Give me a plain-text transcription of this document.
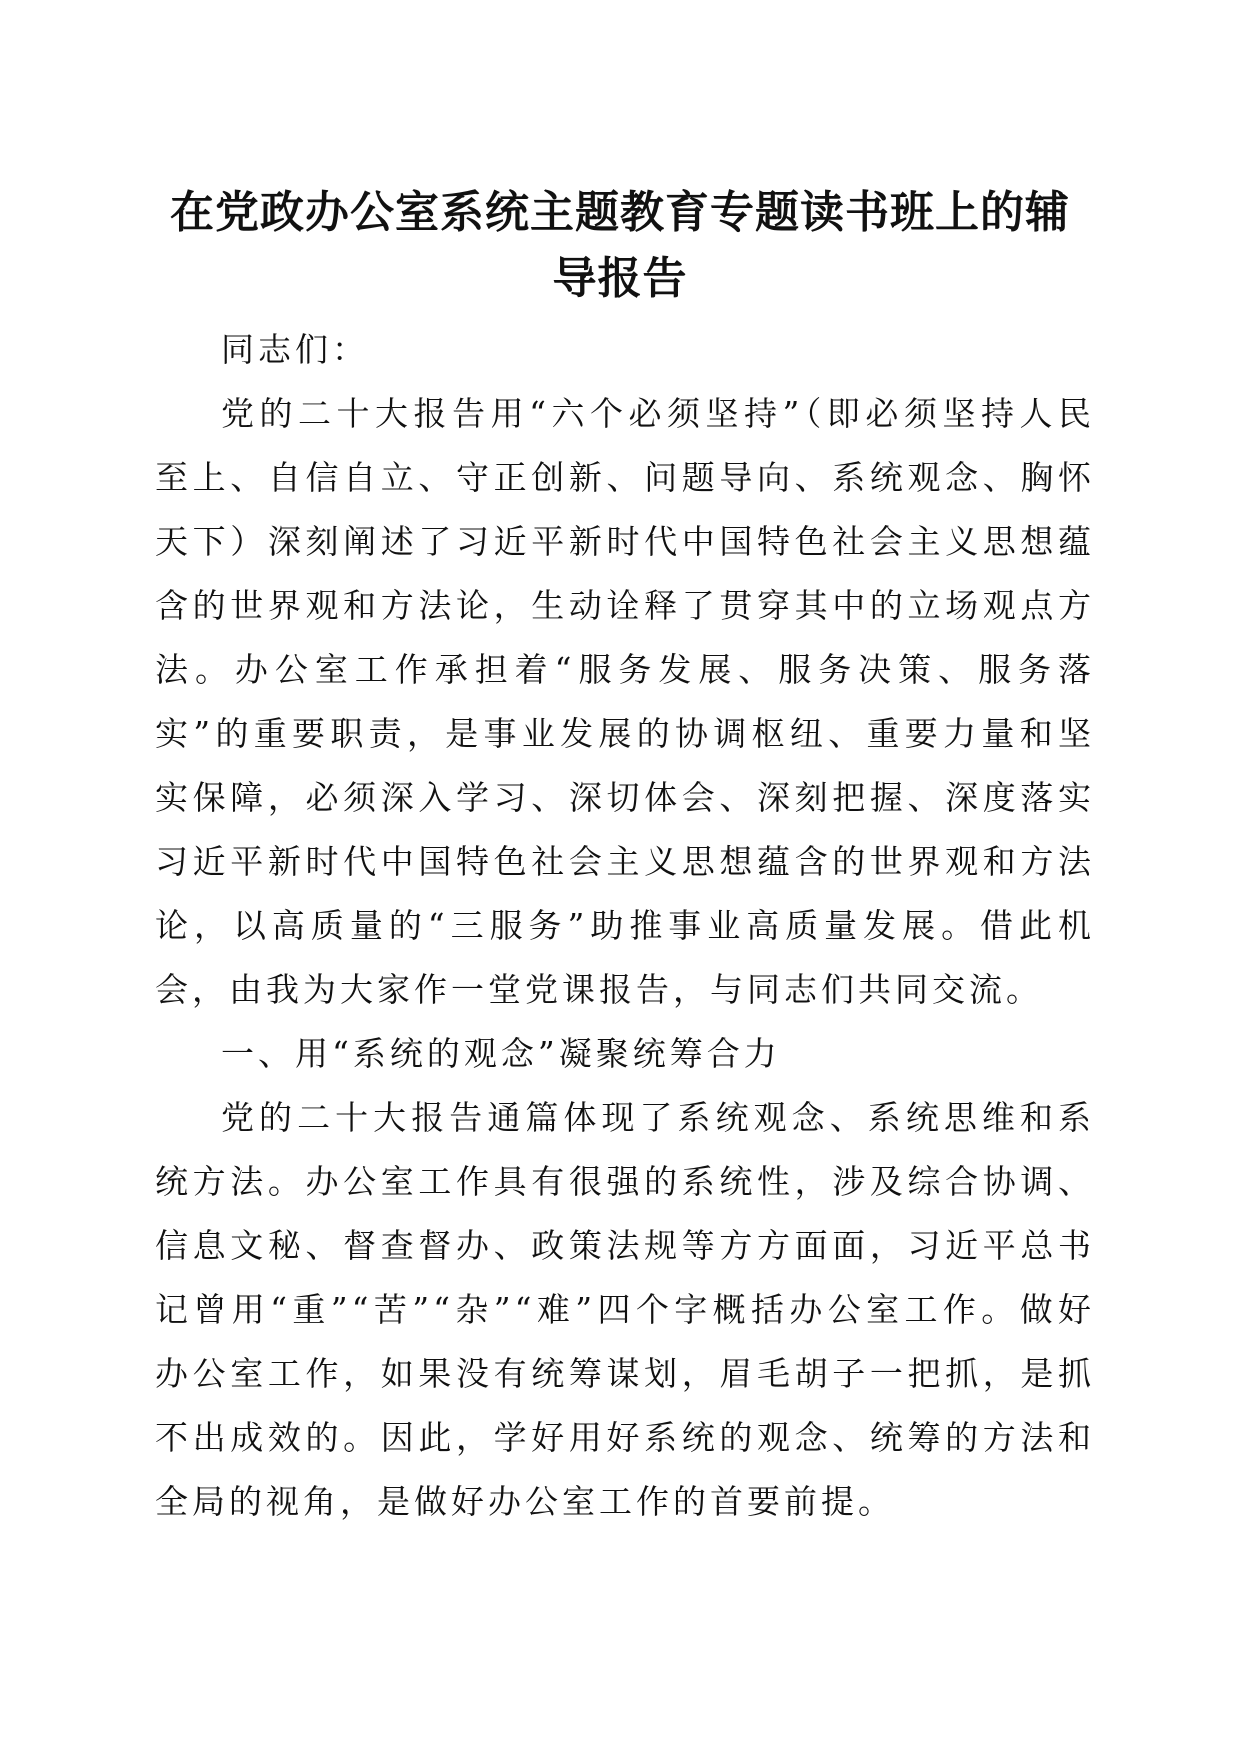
在党政办公室系统主题教育专题读书班上的辅
导报告

同志们：

党的二十大报告用“六个必须坚持”（即必须坚持人民至上、自信自立、守正创新、问题导向、系统观念、胸怀天下）深刻阐述了习近平新时代中国特色社会主义思想蕴含的世界观和方法论，生动诠释了贯穿其中的立场观点方法。办公室工作承担着“服务发展、服务决策、服务落实”的重要职责，是事业发展的协调枢纽、重要力量和坚实保障，必须深入学习、深切体会、深刻把握、深度落实习近平新时代中国特色社会主义思想蕴含的世界观和方法论，以高质量的“三服务”助推事业高质量发展。借此机会，由我为大家作一堂党课报告，与同志们共同交流。

一、用“系统的观念”凝聚统筹合力

党的二十大报告通篇体现了系统观念、系统思维和系统方法。办公室工作具有很强的系统性，涉及综合协调、信息文秘、督查督办、政策法规等方方面面，习近平总书记曾用“重”“苦”“杂”“难”四个字概括办公室工作。做好办公室工作，如果没有统筹谋划，眉毛胡子一把抓，是抓不出成效的。因此，学好用好系统的观念、统筹的方法和全局的视角，是做好办公室工作的首要前提。
